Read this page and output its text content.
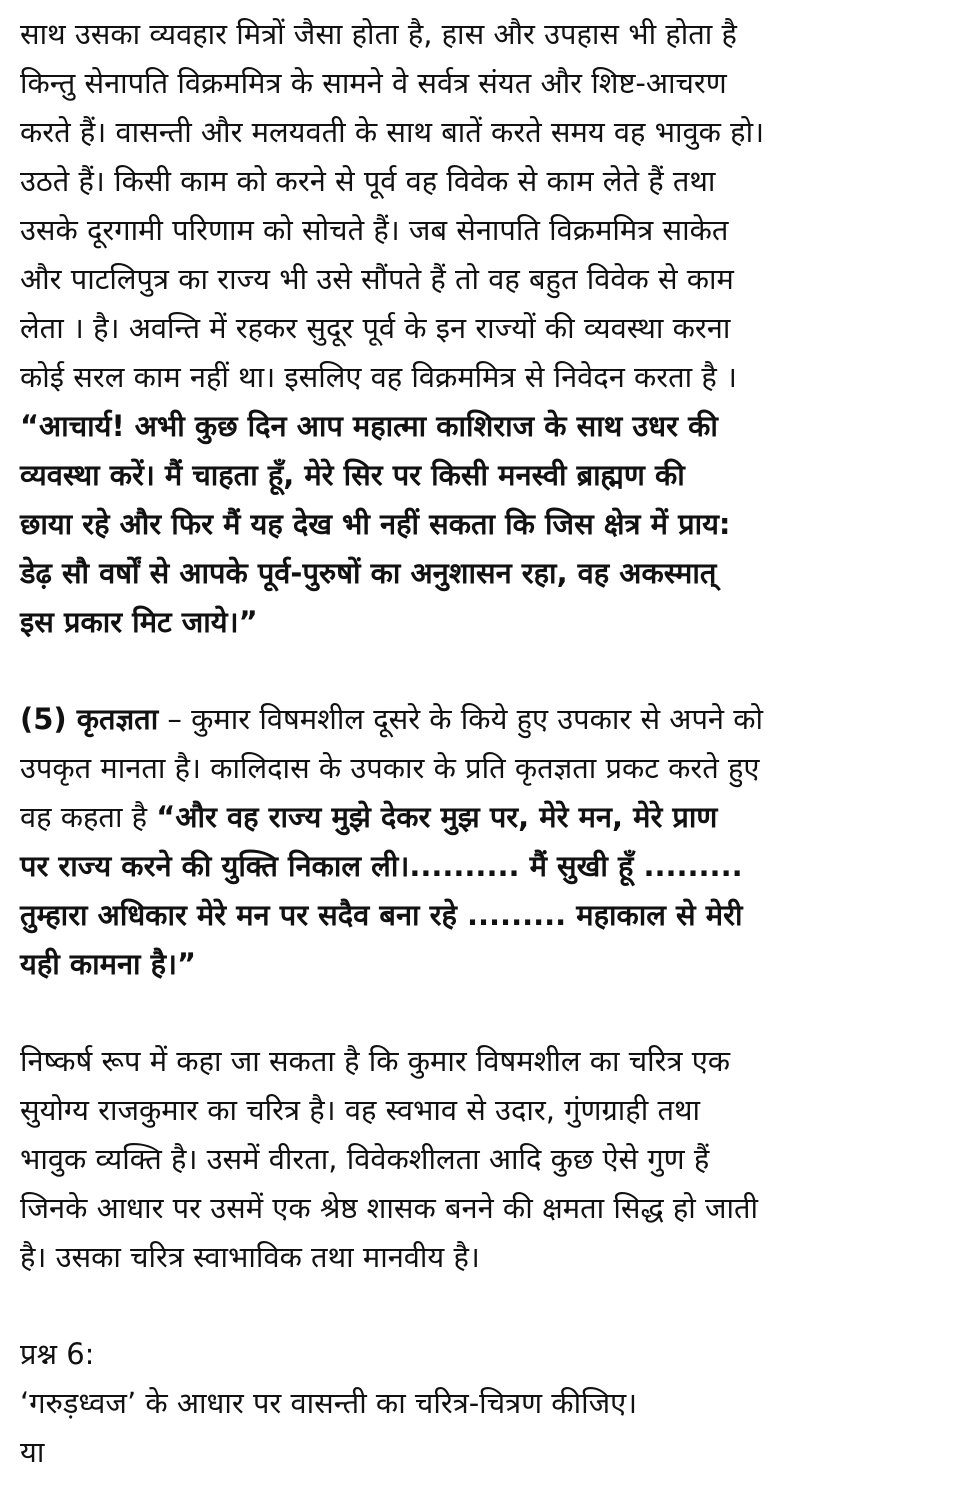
साथ उसका व्यवहार मित्रों जैसा होता है, हास और उपहास भी होता है
किन्तु सेनापति विक्रममित्र के सामने वे सर्वत्र संयत और शिष्ट-आचरण
करते हैं। वासन्ती और मलयवती के साथ बातें करते समय वह भावुक हो।
उठते हैं। किसी काम को करने से पूर्व वह विवेक से काम लेते हैं तथा
उसके दूरगामी परिणाम को सोचते हैं। जब सेनापति विक्रममित्र साकेत
और पाटलिपुत्र का राज्य भी उसे सौंपते हैं तो वह बहुत विवेक से काम
लेता । है। अवन्ति में रहकर सुदूर पूर्व के इन राज्यों की व्यवस्था करना
कोई सरल काम नहीं था। इसलिए वह विक्रममित्र से निवेदन करता है ।
“आचार्य! अभी कुछ दिन आप महात्मा काशिराज के साथ उधर की
व्यवस्था करें। मैं चाहता हूँ, मेरे सिर पर किसी मनस्वी ब्राह्मण की
छाया रहे और फिर मैं यह देख भी नहीं सकता कि जिस क्षेत्र में प्राय:
डेढ़ सौ वर्षों से आपके पूर्व-पुरुषों का अनुशासन रहा, वह अकस्मात्
इस प्रकार मिट जाये।”

(5) कृतज्ञता – कुमार विषमशील दूसरे के किये हुए उपकार से अपने को
उपकृत मानता है। कालिदास के उपकार के प्रति कृतज्ञता प्रकट करते हुए
वह कहता है “और वह राज्य मुझे देकर मुझ पर, मेरे मन, मेरे प्राण
पर राज्य करने की युक्ति निकाल ली।.......... मैं सुखी हूँ .........
तुम्हारा अधिकार मेरे मन पर सदैव बना रहे ......... महाकाल से मेरी
यही कामना है।”

निष्कर्ष रूप में कहा जा सकता है कि कुमार विषमशील का चरित्र एक
सुयोग्य राजकुमार का चरित्र है। वह स्वभाव से उदार, गुंणग्राही तथा
भावुक व्यक्ति है। उसमें वीरता, विवेकशीलता आदि कुछ ऐसे गुण हैं
जिनके आधार पर उसमें एक श्रेष्ठ शासक बनने की क्षमता सिद्ध हो जाती
है। उसका चरित्र स्वाभाविक तथा मानवीय है।

प्रश्न 6:
‘गरुड़ध्वज’ के आधार पर वासन्ती का चरित्र-चित्रण कीजिए।
या
